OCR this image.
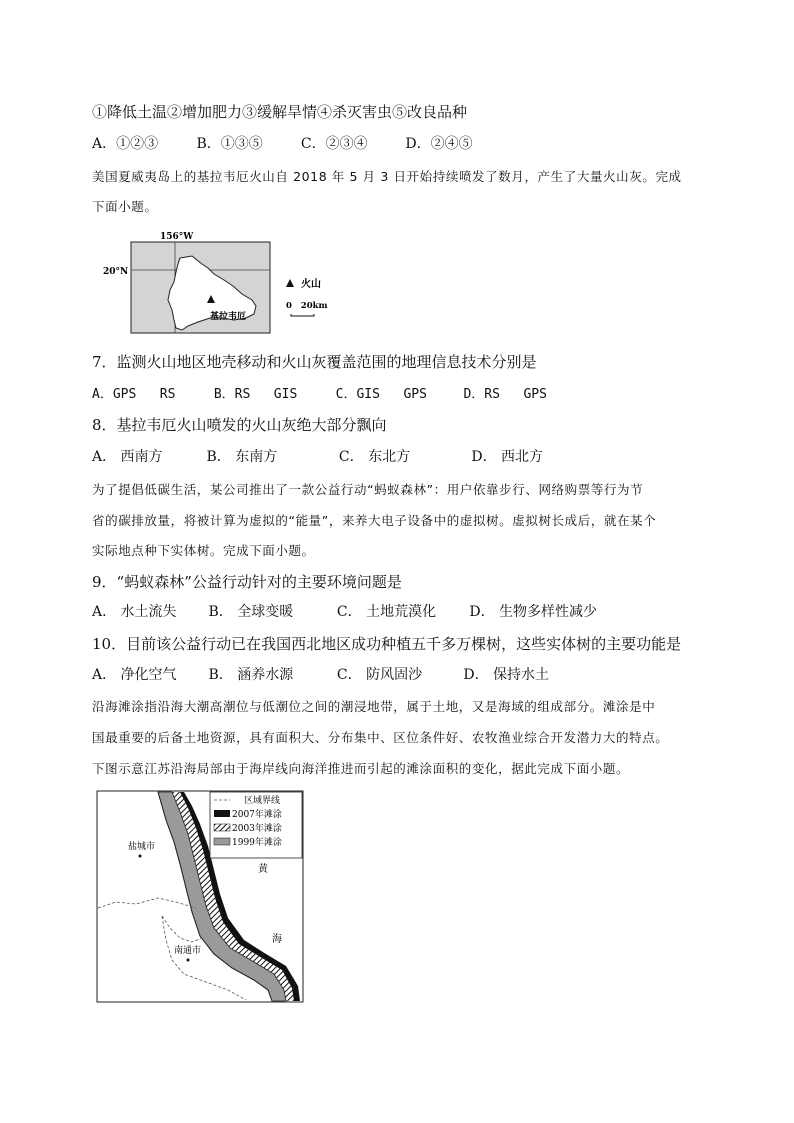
①降低土温②增加肥力③缓解旱情④杀灭害虫⑤改良品种
A．①②③	B．①③⑤	C．②③④	D．②④⑤
美国夏威夷岛上的基拉韦厄火山自 2018 年 5 月 3 日开始持续喷发了数月，产生了大量火山灰。完成
下面小题。
156°W
20°N
火山
0   20km
基拉韦厄
7．监测火山地区地壳移动和火山灰覆盖范围的地理信息技术分别是
A．GPS   RS	B．RS   GIS	C．GIS   GPS	D．RS   GPS
8．基拉韦厄火山喷发的火山灰绝大部分飘向
A． 西南方	B． 东南方	C． 东北方	D． 西北方
为了提倡低碳生活，某公司推出了一款公益行动“蚂蚁森林”：用户依靠步行、网络购票等行为节
省的碳排放量，将被计算为虚拟的“能量”，来养大电子设备中的虚拟树。虚拟树长成后，就在某个
实际地点种下实体树。完成下面小题。
9．“蚂蚁森林”公益行动针对的主要环境问题是
A． 水土流失 B． 全球变暖	C． 土地荒漠化 D． 生物多样性减少
10．目前该公益行动已在我国西北地区成功种植五千多万棵树，这些实体树的主要功能是
A． 净化空气 B． 涵养水源	C． 防风固沙	D． 保持水土
沿海滩涂指沿海大潮高潮位与低潮位之间的潮浸地带，属于土地，又是海域的组成部分。滩涂是中
国最重要的后备土地资源，具有面积大、分布集中、区位条件好、农牧渔业综合开发潜力大的特点。
下图示意江苏沿海局部由于海岸线向海洋推进而引起的滩涂面积的变化，据此完成下面小题。
区域界线
2007年滩涂
2003年滩涂
1999年滩涂
盐城市
南通市
黄
海
